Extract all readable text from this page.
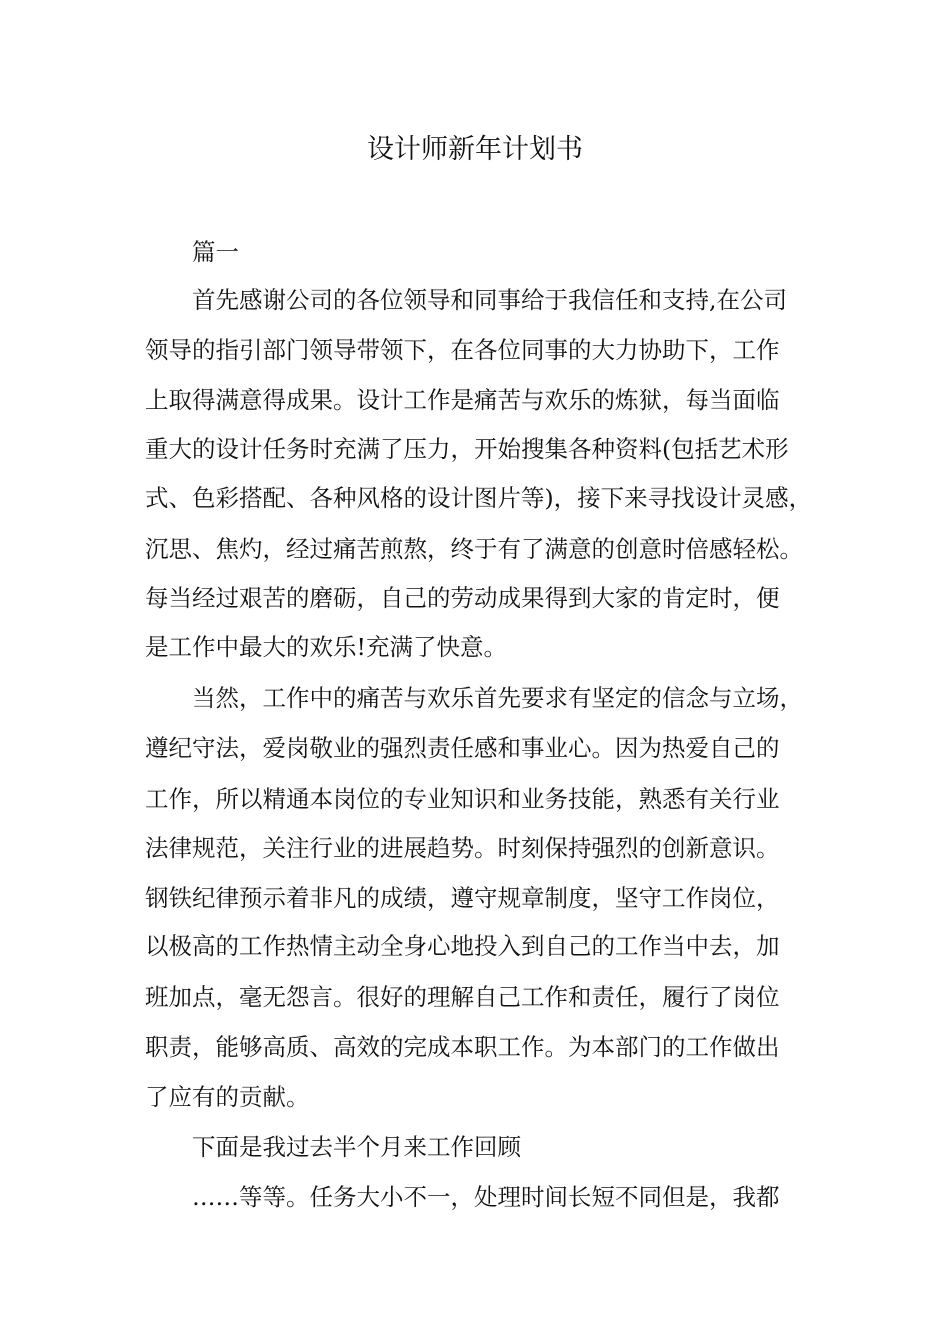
设计师新年计划书

篇一

首先感谢公司的各位领导和同事给于我信任和支持,在公司

领导的指引部门领导带领下，在各位同事的大力协助下，工作

上取得满意得成果。设计工作是痛苦与欢乐的炼狱，每当面临

重大的设计任务时充满了压力，开始搜集各种资料(包括艺术形

式、色彩搭配、各种风格的设计图片等)，接下来寻找设计灵感，

沉思、焦灼，经过痛苦煎熬，终于有了满意的创意时倍感轻松。

每当经过艰苦的磨砺，自己的劳动成果得到大家的肯定时，便

是工作中最大的欢乐!充满了快意。

当然，工作中的痛苦与欢乐首先要求有坚定的信念与立场，

遵纪守法，爱岗敬业的强烈责任感和事业心。因为热爱自己的

工作，所以精通本岗位的专业知识和业务技能，熟悉有关行业

法律规范，关注行业的进展趋势。时刻保持强烈的创新意识。

钢铁纪律预示着非凡的成绩，遵守规章制度，坚守工作岗位，

以极高的工作热情主动全身心地投入到自己的工作当中去，加

班加点，毫无怨言。很好的理解自己工作和责任，履行了岗位

职责，能够高质、高效的完成本职工作。为本部门的工作做出

了应有的贡献。

下面是我过去半个月来工作回顾

……等等。任务大小不一，处理时间长短不同但是，我都
